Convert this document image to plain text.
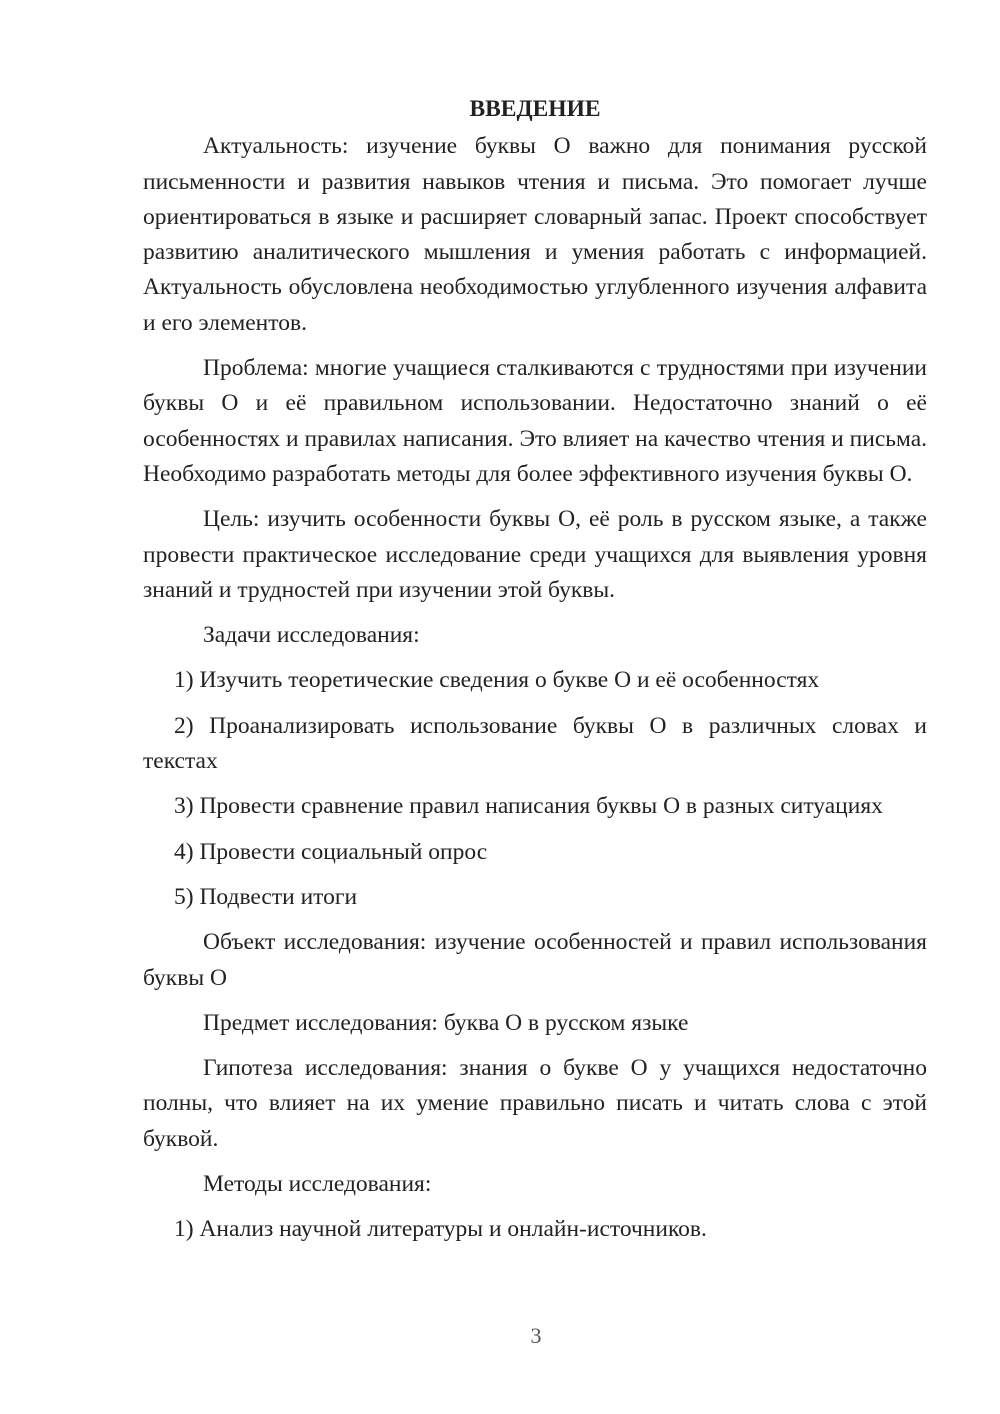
ВВЕДЕНИЕ

Актуальность: изучение буквы О важно для понимания русской письменности и развития навыков чтения и письма. Это помогает лучше ориентироваться в языке и расширяет словарный запас. Проект способствует развитию аналитического мышления и умения работать с информацией. Актуальность обусловлена необходимостью углубленного изучения алфавита и его элементов.

Проблема: многие учащиеся сталкиваются с трудностями при изучении буквы О и её правильном использовании. Недостаточно знаний о её особенностях и правилах написания. Это влияет на качество чтения и письма. Необходимо разработать методы для более эффективного изучения буквы О.

Цель: изучить особенности буквы О, её роль в русском языке, а также провести практическое исследование среди учащихся для выявления уровня знаний и трудностей при изучении этой буквы.

Задачи исследования:

1) Изучить теоретические сведения о букве О и её особенностях

2) Проанализировать использование буквы О в различных словах и текстах

3) Провести сравнение правил написания буквы О в разных ситуациях

4) Провести социальный опрос

5) Подвести итоги

Объект исследования: изучение особенностей и правил использования буквы О

Предмет исследования: буква О в русском языке

Гипотеза исследования: знания о букве О у учащихся недостаточно полны, что влияет на их умение правильно писать и читать слова с этой буквой.

Методы исследования:

1) Анализ научной литературы и онлайн-источников.

3
